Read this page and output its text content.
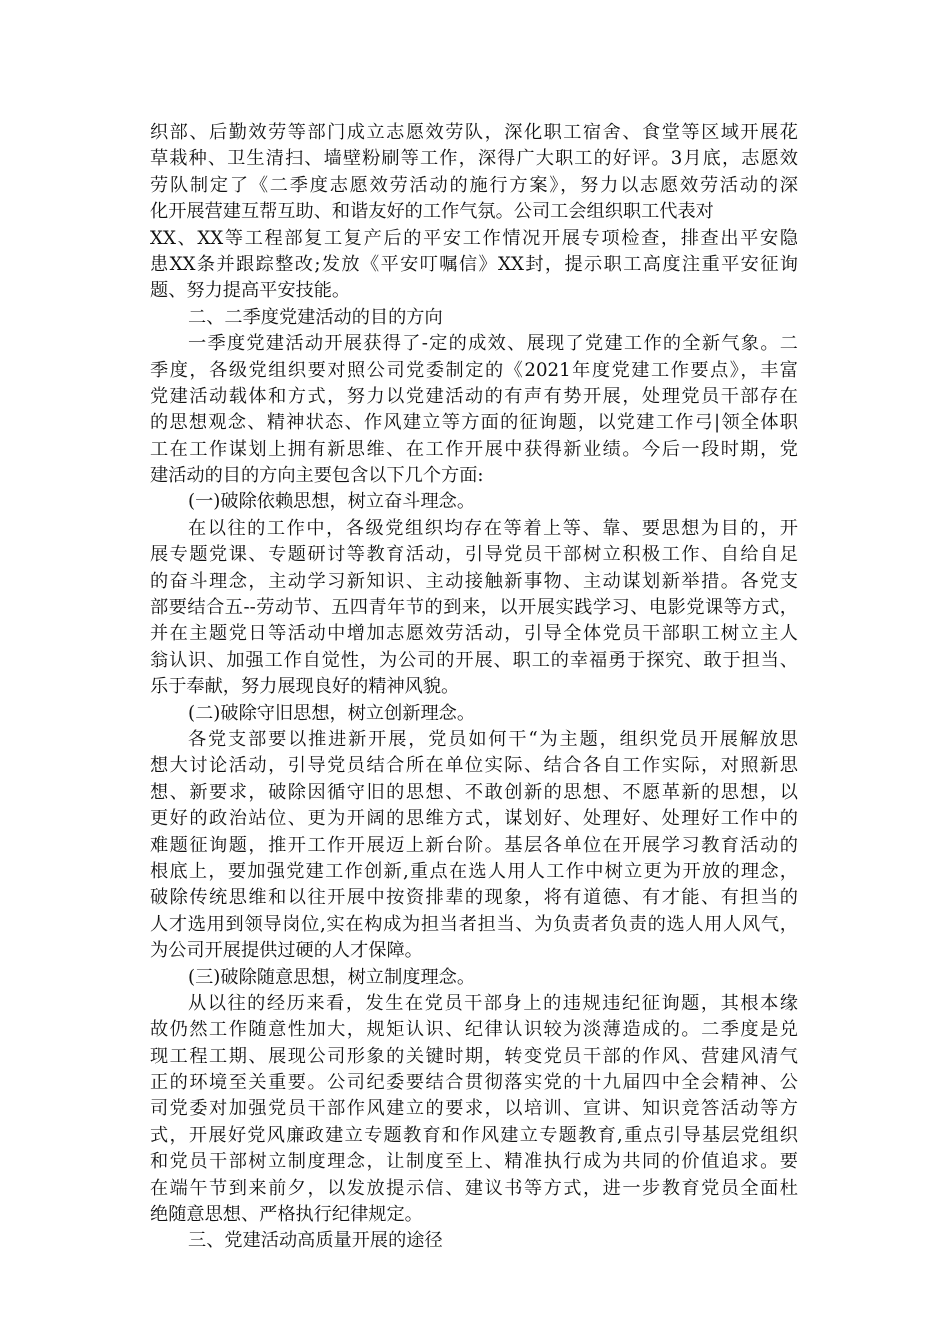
织部、后勤效劳等部门成立志愿效劳队，深化职工宿舍、食堂等区域开展花
草栽种、卫生清扫、墙壁粉刷等工作，深得广大职工的好评。3月底，志愿效
劳队制定了《二季度志愿效劳活动的施行方案》，努力以志愿效劳活动的深
化开展营建互帮互助、和谐友好的工作气氛。公司工会组织职工代表对
XX、XX等工程部复工复产后的平安工作情况开展专项检查，排查出平安隐
患XX条并跟踪整改;发放《平安叮嘱信》XX封，提示职工高度注重平安征询
题、努力提高平安技能。
二、二季度党建活动的目的方向
一季度党建活动开展获得了-定的成效、展现了党建工作的全新气象。二
季度，各级党组织要对照公司党委制定的《2021年度党建工作要点》，丰富
党建活动载体和方式，努力以党建活动的有声有势开展，处理党员干部存在
的思想观念、精神状态、作风建立等方面的征询题，以党建工作弓|领全体职
工在工作谋划上拥有新思维、在工作开展中获得新业绩。今后一段时期，党
建活动的目的方向主要包含以下几个方面:
(一)破除依赖思想，树立奋斗理念。
在以往的工作中，各级党组织均存在等着上等、靠、要思想为目的，开
展专题党课、专题研讨等教育活动，引导党员干部树立积极工作、自给自足
的奋斗理念，主动学习新知识、主动接触新事物、主动谋划新举措。各党支
部要结合五--劳动节、五四青年节的到来，以开展实践学习、电影党课等方式，
并在主题党日等活动中增加志愿效劳活动，引导全体党员干部职工树立主人
翁认识、加强工作自觉性，为公司的开展、职工的幸福勇于探究、敢于担当、
乐于奉献，努力展现良好的精神风貌。
(二)破除守旧思想，树立创新理念。
各党支部要以推进新开展，党员如何干“为主题，组织党员开展解放思
想大讨论活动，引导党员结合所在单位实际、结合各自工作实际，对照新思
想、新要求，破除因循守旧的思想、不敢创新的思想、不愿革新的思想，以
更好的政治站位、更为开阔的思维方式，谋划好、处理好、处理好工作中的
难题征询题，推开工作开展迈上新台阶。基层各单位在开展学习教育活动的
根底上，要加强党建工作创新,重点在选人用人工作中树立更为开放的理念，
破除传统思维和以往开展中按资排辈的现象，将有道德、有才能、有担当的
人才选用到领导岗位,实在构成为担当者担当、为负责者负责的选人用人风气，
为公司开展提供过硬的人才保障。
(三)破除随意思想，树立制度理念。
从以往的经历来看，发生在党员干部身上的违规违纪征询题，其根本缘
故仍然工作随意性加大，规矩认识、纪律认识较为淡薄造成的。二季度是兑
现工程工期、展现公司形象的关键时期，转变党员干部的作风、营建风清气
正的环境至关重要。公司纪委要结合贯彻落实党的十九届四中全会精神、公
司党委对加强党员干部作风建立的要求，以培训、宣讲、知识竞答活动等方
式，开展好党风廉政建立专题教育和作风建立专题教育,重点引导基层党组织
和党员干部树立制度理念，让制度至上、精准执行成为共同的价值追求。要
在端午节到来前夕，以发放提示信、建议书等方式，进一步教育党员全面杜
绝随意思想、严格执行纪律规定。
三、党建活动高质量开展的途径
